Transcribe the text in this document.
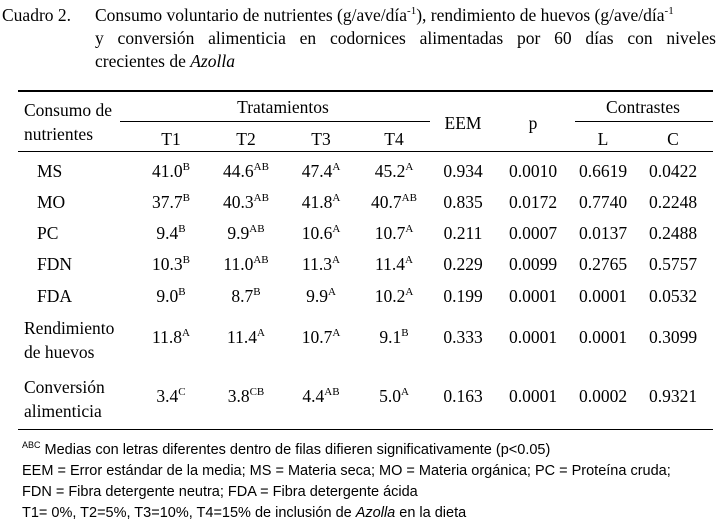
Cuadro 2. Consumo voluntario de nutrientes (g/ave/día$^{-1}$), rendimiento de huevos (g/ave/día$^{-1}$
y conversión alimenticia en codornices alimentadas por 60 días con niveles
crecientes de Azolla
Consumo de
nutrientes
Tratamientos
EEM	p
Contrastes
T1	T2	T3	T4	L	C
MS	$41.0^B$	$44.6^{AB}$	$47.4^A$	$45.2^A$	0.934	0.0010	0.6619	0.0422
MO	$37.7^B$	$40.3^{AB}$	$41.8^A$	$40.7^{AB}$	0.835	0.0172	0.7740	0.2248
PC	$9.4^B$	$9.9^{AB}$	$10.6^A$	$10.7^A$	0.211	0.0007	0.0137	0.2488
FDN	$10.3^B$	$11.0^{AB}$	$11.3^A$	$11.4^A$	0.229	0.0099	0.2765	0.5757
FDA	$9.0^B$	$8.7^B$	$9.9^A$	$10.2^A$	0.199	0.0001	0.0001	0.0532
Rendimiento
de huevos
$11.8^A$	$11.4^A$	$10.7^A$	$9.1^B$	0.333	0.0001	0.0001	0.3099
Conversión
alimenticia
$3.4^C$	$3.8^{CB}$	$4.4^{AB}$	$5.0^A$	0.163	0.0001	0.0002	0.9321
$^{ABC}$ Medias con letras diferentes dentro de filas difieren significativamente (p<0.05)
EEM = Error estándar de la media; MS = Materia seca; MO = Materia orgánica; PC = Proteína cruda;
FDN = Fibra detergente neutra; FDA = Fibra detergente ácida
T1= 0%, T2=5%, T3=10%, T4=15% de inclusión de Azolla en la dieta
